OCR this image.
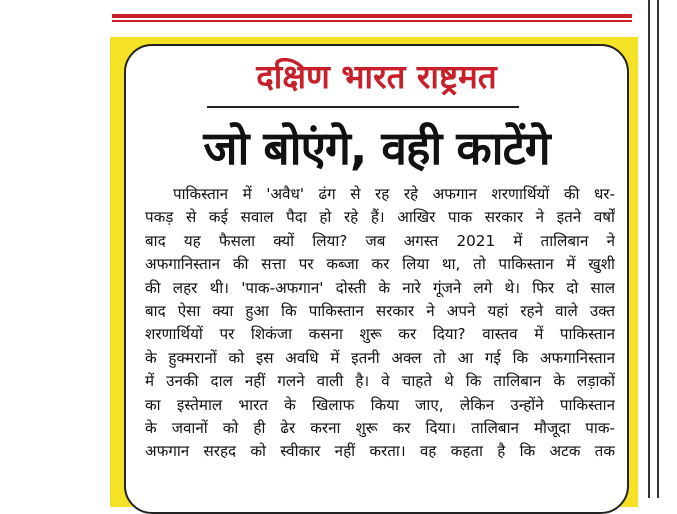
दक्षिण भारत राष्ट्रमत
जो बोएंगे, वही काटेंगे
पाकिस्तान में 'अवैध' ढंग से रह रहे अफगान शरणार्थियों की धर-
पकड़ से कई सवाल पैदा हो रहे हैं। आखिर पाक सरकार ने इतने वर्षों
बाद यह फैसला क्यों लिया? जब अगस्त 2021 में तालिबान ने
अफगानिस्तान की सत्ता पर कब्जा कर लिया था, तो पाकिस्तान में खुशी
की लहर थी। 'पाक-अफगान' दोस्ती के नारे गूंजने लगे थे। फिर दो साल
बाद ऐसा क्या हुआ कि पाकिस्तान सरकार ने अपने यहां रहने वाले उक्त
शरणार्थियों पर शिकंजा कसना शुरू कर दिया? वास्तव में पाकिस्तान
के हुक्मरानों को इस अवधि में इतनी अक्ल तो आ गई कि अफगानिस्तान
में उनकी दाल नहीं गलने वाली है। वे चाहते थे कि तालिबान के लड़ाकों
का इस्तेमाल भारत के खिलाफ किया जाए, लेकिन उन्होंने पाकिस्तान
के जवानों को ही ढेर करना शुरू कर दिया। तालिबान मौजूदा पाक-
अफगान सरहद को स्वीकार नहीं करता। वह कहता है कि अटक तक
